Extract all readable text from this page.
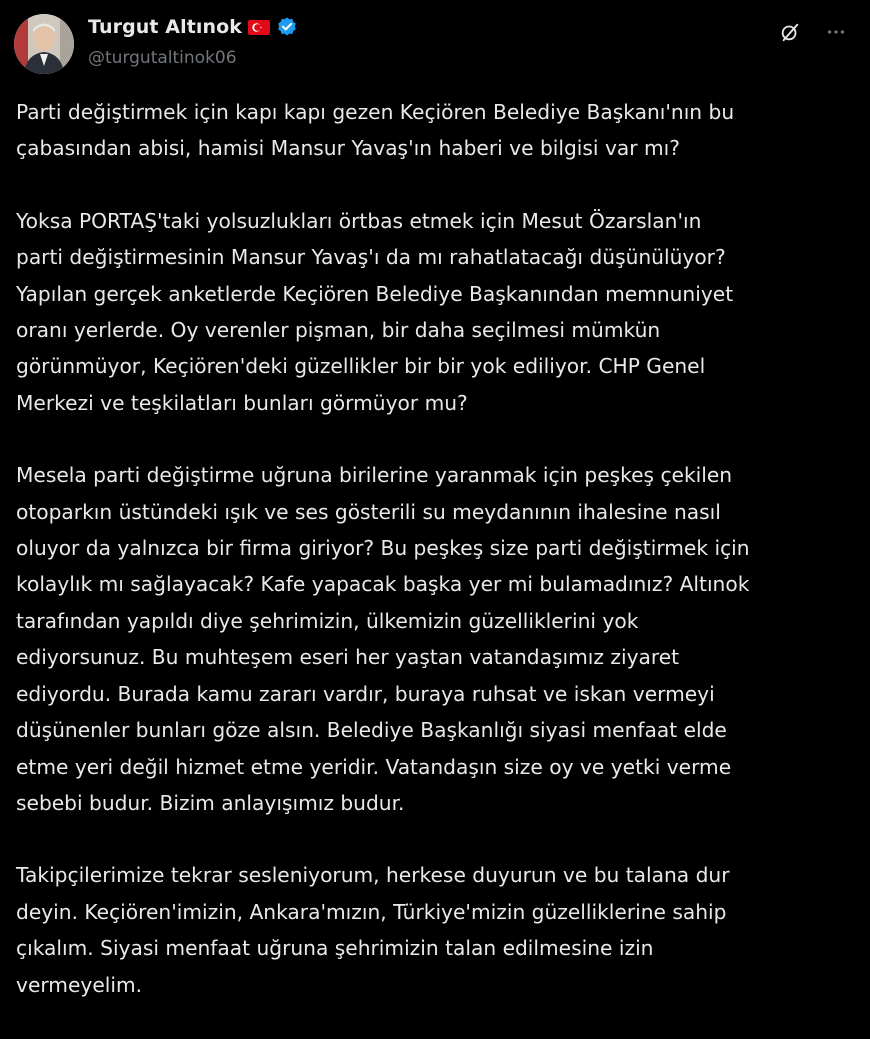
Turgut Altınok
@turgutaltinok06

Parti değiştirmek için kapı kapı gezen Keçiören Belediye Başkanı'nın bu
çabasından abisi, hamisi Mansur Yavaş'ın haberi ve bilgisi var mı?

Yoksa PORTAŞ'taki yolsuzlukları örtbas etmek için Mesut Özarslan'ın
parti değiştirmesinin Mansur Yavaş'ı da mı rahatlatacağı düşünülüyor?
Yapılan gerçek anketlerde Keçiören Belediye Başkanından memnuniyet
oranı yerlerde. Oy verenler pişman, bir daha seçilmesi mümkün
görünmüyor, Keçiören'deki güzellikler bir bir yok ediliyor. CHP Genel
Merkezi ve teşkilatları bunları görmüyor mu?

Mesela parti değiştirme uğruna birilerine yaranmak için peşkeş çekilen
otoparkın üstündeki ışık ve ses gösterili su meydanının ihalesine nasıl
oluyor da yalnızca bir firma giriyor? Bu peşkeş size parti değiştirmek için
kolaylık mı sağlayacak? Kafe yapacak başka yer mi bulamadınız? Altınok
tarafından yapıldı diye şehrimizin, ülkemizin güzelliklerini yok
ediyorsunuz. Bu muhteşem eseri her yaştan vatandaşımız ziyaret
ediyordu. Burada kamu zararı vardır, buraya ruhsat ve iskan vermeyi
düşünenler bunları göze alsın. Belediye Başkanlığı siyasi menfaat elde
etme yeri değil hizmet etme yeridir. Vatandaşın size oy ve yetki verme
sebebi budur. Bizim anlayışımız budur.

Takipçilerimize tekrar sesleniyorum, herkese duyurun ve bu talana dur
deyin. Keçiören'imizin, Ankara'mızın, Türkiye'mizin güzelliklerine sahip
çıkalım. Siyasi menfaat uğruna şehrimizin talan edilmesine izin
vermeyelim.
